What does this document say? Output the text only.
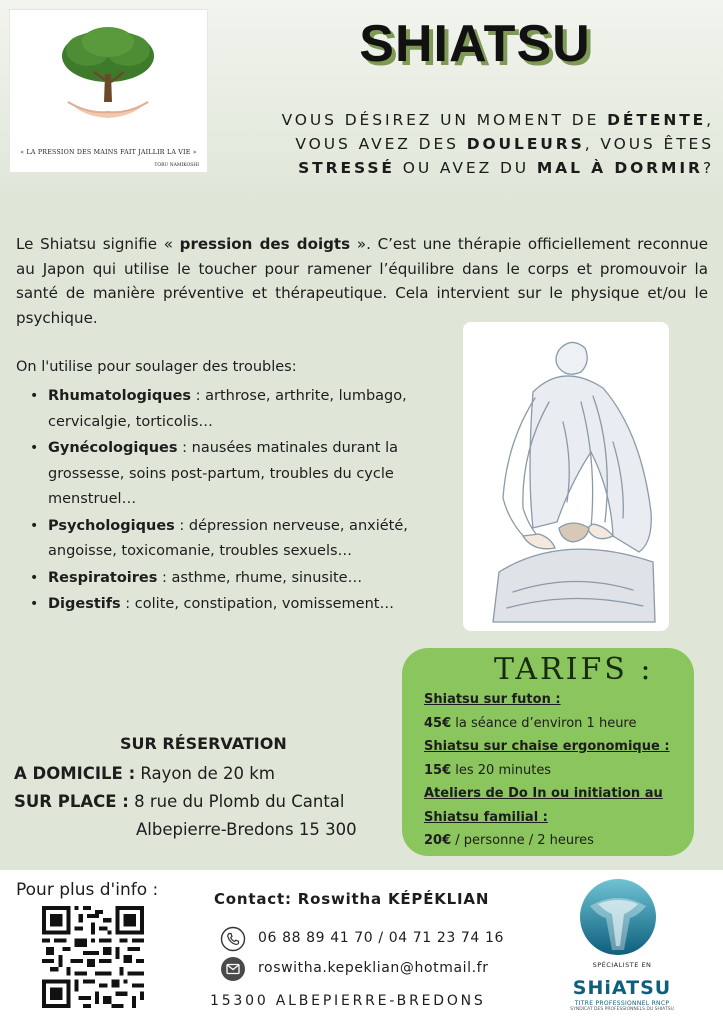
« LA PRESSION DES MAINS FAIT JAILLIR LA VIE »
TORU NAMIKOSHI
SHIATSU
VOUS DÉSIREZ UN MOMENT DE DÉTENTE,
VOUS AVEZ DES DOULEURS, VOUS ÊTES
STRESSÉ OU AVEZ DU MAL À DORMIR?

Le Shiatsu signifie « pression des doigts ». C’est une thérapie officiellement reconnue au Japon qui utilise le toucher pour ramener l’équilibre dans le corps et promouvoir la santé de manière préventive et thérapeutique. Cela intervient sur le physique et/ou le psychique.

On l'utilise pour soulager des troubles:
• Rhumatologiques : arthrose, arthrite, lumbago, cervicalgie, torticolis…
• Gynécologiques : nausées matinales durant la grossesse, soins post-partum, troubles du cycle menstruel…
• Psychologiques : dépression nerveuse, anxiété, angoisse, toxicomanie, troubles sexuels…
• Respiratoires : asthme, rhume, sinusite…
• Digestifs : colite, constipation, vomissement…
TARIFS :
Shiatsu sur futon :
45€ la séance d’environ 1 heure
Shiatsu sur chaise ergonomique :
15€ les 20 minutes
Ateliers de Do In ou initiation au
Shiatsu familial :
20€ / personne / 2 heures
SUR RÉSERVATION
A DOMICILE : Rayon de 20 km
SUR PLACE : 8 rue du Plomb du Cantal
Albepierre-Bredons 15 300
Pour plus d'info :	Contact: Roswitha KÉPÉKLIAN
06 88 89 41 70 / 04 71 23 74 16
roswitha.kepeklian@hotmail.fr
15300 ALBEPIERRE-BREDONS
SPÉCIALISTE EN
SHiATSU
TITRE PROFESSIONNEL RNCP
SYNDICAT DES PROFESSIONNELS DU SHIATSU
